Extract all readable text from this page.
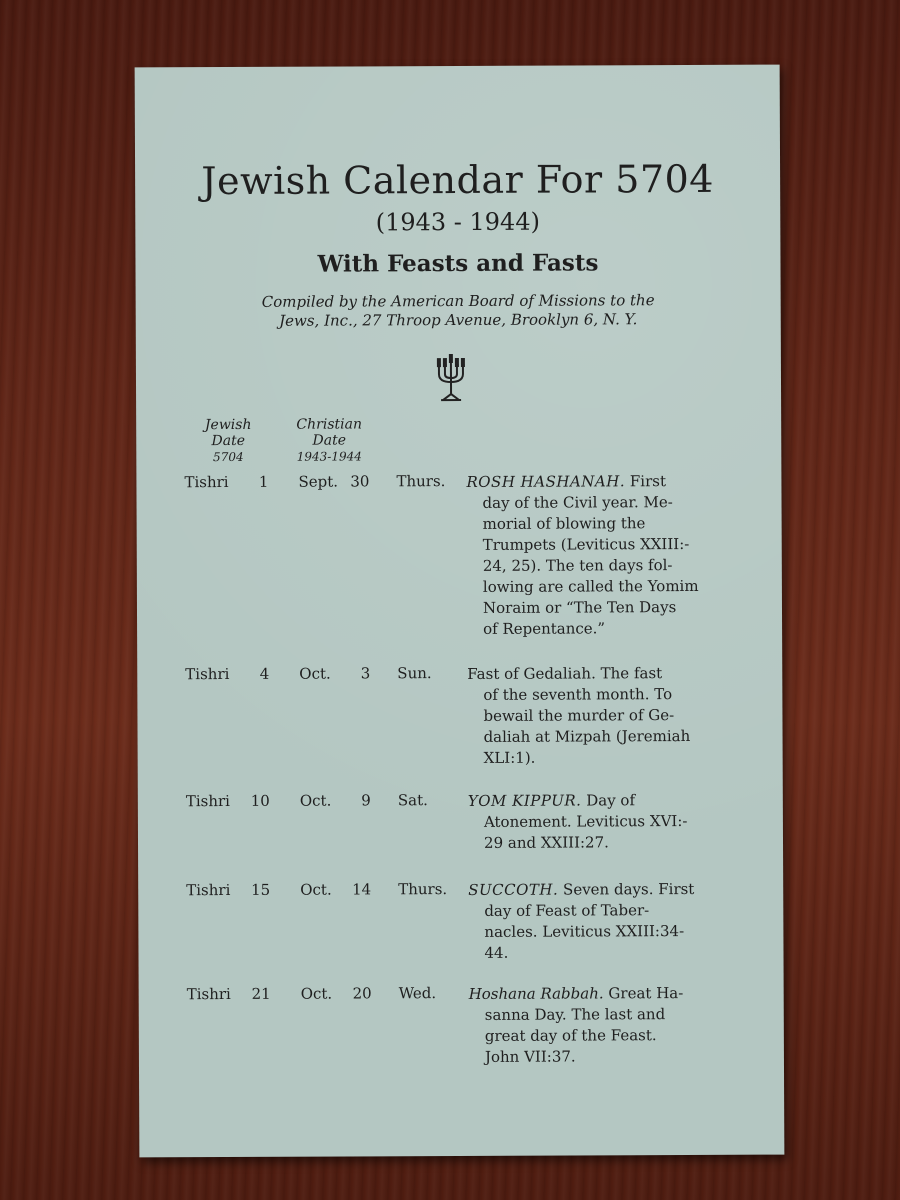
Jewish Calendar For 5704
(1943 - 1944)
With Feasts and Fasts
Compiled by the American Board of Missions to the
Jews, Inc., 27 Throop Avenue, Brooklyn 6, N. Y.
Jewish
Date
5704
Christian
Date
1943-1944
Tishri	1 Sept. 30 Thurs. ROSH HASHANAH. First
day of the Civil year. Me-
morial of blowing the
Trumpets (Leviticus XXIII:-
24, 25). The ten days fol-
lowing are called the Yomim
Noraim or “The Ten Days
of Repentance.”
Tishri	4 Oct.	3 Sun. Fast of Gedaliah. The fast
of the seventh month. To
bewail the murder of Ge-
daliah at Mizpah (Jeremiah
XLI:1).
Tishri 10 Oct.	9 Sat.	YOM KIPPUR. Day of
Atonement. Leviticus XVI:-
29 and XXIII:27.
Tishri 15 Oct.	14 Thurs. SUCCOTH. Seven days. First
day of Feast of Taber-
nacles. Leviticus XXIII:34-
44.
Tishri 21 Oct.	20 Wed. Hoshana Rabbah. Great Ha-
sanna Day. The last and
great day of the Feast.
John VII:37.
